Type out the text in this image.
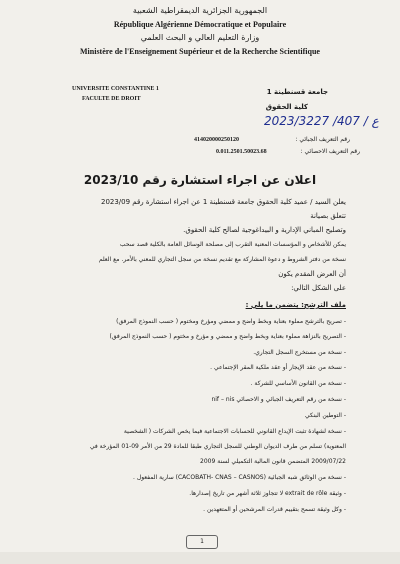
الجمهورية الجزائرية الديمقراطية الشعبية
République Algérienne Démocratique et Populaire
وزارة التعليم العالي و البحث العلمي
Ministère de l'Enseignement Supérieur et de la Recherche Scientifique
UNIVERSITE CONSTANTINE 1
FACULTE DE DROIT
جامعة قسنطينة 1
كلية الحقوق
2023/ع / 407/ 3227
414020000250120	رقم التعريف الجبائي :
0.011.2501.50023.68	رقم التعريف الاحصائي :
اعلان عن اجراء استشارة رقم 2023/10
يعلن السيد / عميد كلية الحقوق جامعة قسنطينة 1 عن اجراء استشارة رقم 2023/09
تتعلق بصيانة
وتصليح المباني الإدارية و البيداغوجية لصالح كلية الحقوق.
يمكن للأشخاص و المؤسسات المعنية التقرب إلى مصلحة الوسائل العامة بالكلية قصد سحب
نسخة من دفتر الشروط و دعوة المشاركة مع تقديم نسخة من سجل التجاري للمعني بالأمر. مع العلم
أن العرض المقدم يكون
على الشكل التالي:
ملف الترشح: يتضمن ما يلي :
- تصريح بالترشح مملوء بعناية وبخط واضح و ممضي ومؤرخ ومختوم ( حسب النموذج المرفق)
- التصريح بالنزاهة مملوء بعناية وبخط واضح و ممضي و مؤرخ و مختوم ( حسب النموذج المرفق)
- نسخة من مستخرج السجل التجاري.
- نسخة من عقد الإيجار أو عقد ملكية المقر الإجتماعي .
- نسخة من القانون الأساسي للشركة .
- نسخة من رقم التعريف الجبائي و الاحصائي nif – nis
- التوطين البنكي
- نسخة لشهادة تثبت الإيداع القانوني للحسابات الاجتماعية فيما يخص الشركات ( الشخصية
المعنوية) تسلم من طرف الديوان الوطني للسجل التجاري طبقا للمادة 29 من الأمر 09-01 المؤرخة في
2009/07/22 المتضمن قانون المالية التكميلي لسنة 2009
- نسخة من الوثائق شبه الجبائية (CACOBATH- CNAS – CASNOS) سارية المفعول .
- وثيقة extrait de rôle لا تتجاوز ثلاثة أشهر من تاريخ إصدارها.
- وكل وثيقة تسمح بتقييم قدرات المرشحين أو المتعهدين .
1
